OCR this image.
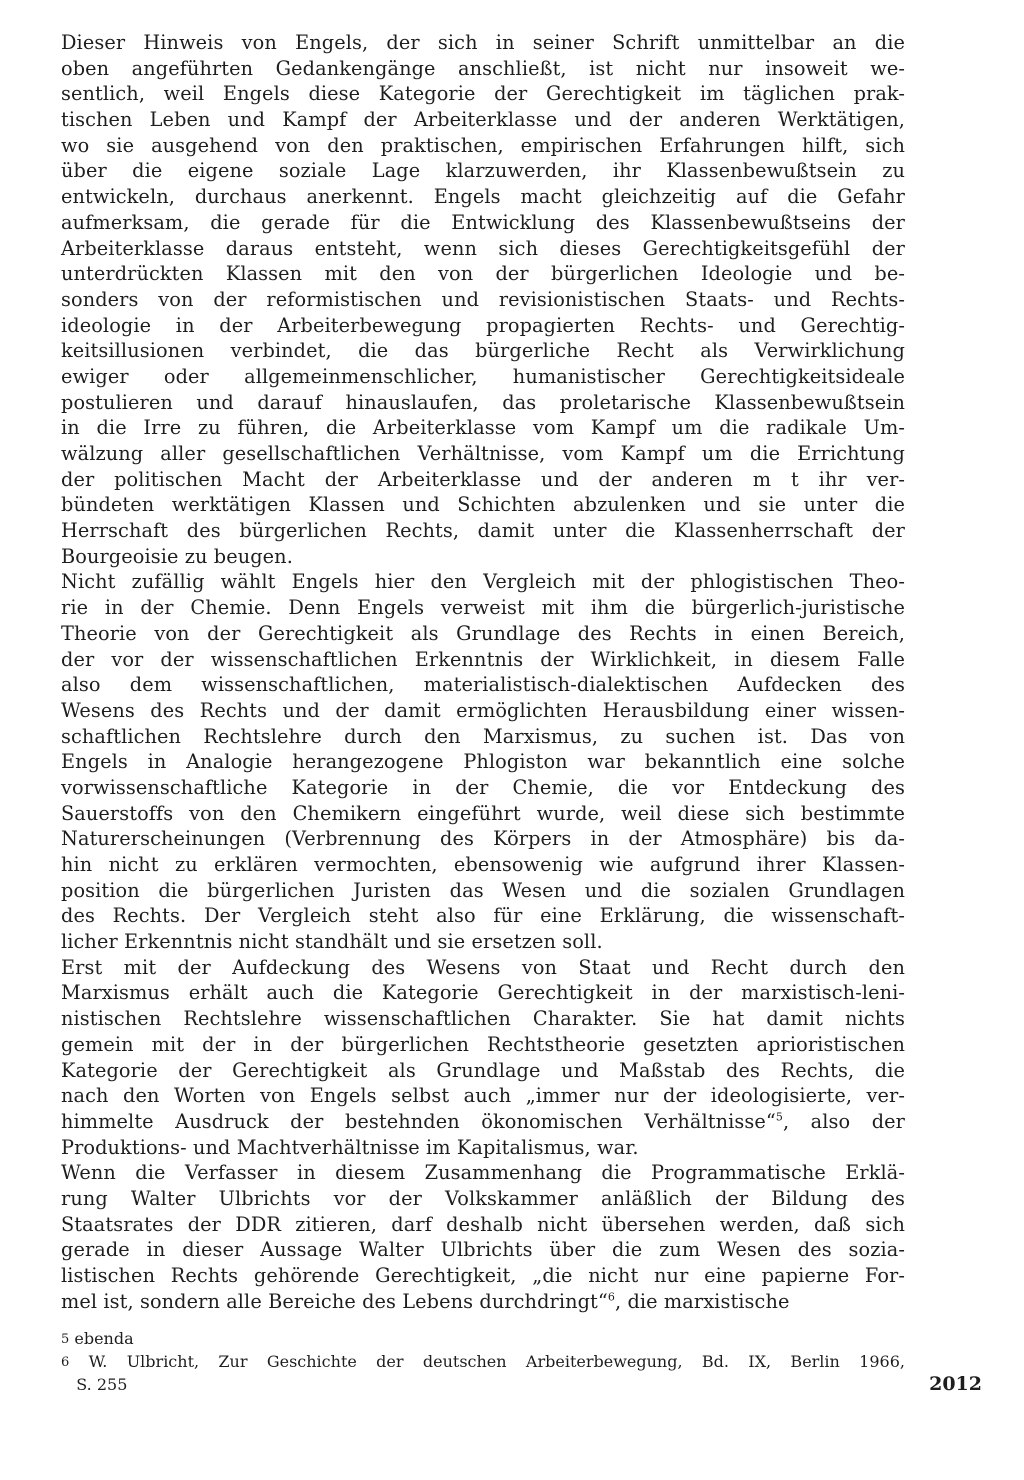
Dieser Hinweis von Engels, der sich in seiner Schrift unmittelbar an die
oben angeführten Gedankengänge anschließt, ist nicht nur insoweit we-
sentlich, weil Engels diese Kategorie der Gerechtigkeit im täglichen prak-
tischen Leben und Kampf der Arbeiterklasse und der anderen Werktätigen,
wo sie ausgehend von den praktischen, empirischen Erfahrungen hilft, sich
über die eigene soziale Lage klarzuwerden, ihr Klassenbewußtsein zu
entwickeln, durchaus anerkennt. Engels macht gleichzeitig auf die Gefahr
aufmerksam, die gerade für die Entwicklung des Klassenbewußtseins der
Arbeiterklasse daraus entsteht, wenn sich dieses Gerechtigkeitsgefühl der
unterdrückten Klassen mit den von der bürgerlichen Ideologie und be-
sonders von der reformistischen und revisionistischen Staats- und Rechts-
ideologie in der Arbeiterbewegung propagierten Rechts- und Gerechtig-
keitsillusionen verbindet, die das bürgerliche Recht als Verwirklichung
ewiger oder allgemeinmenschlicher, humanistischer Gerechtigkeitsideale
postulieren und darauf hinauslaufen, das proletarische Klassenbewußtsein
in die Irre zu führen, die Arbeiterklasse vom Kampf um die radikale Um-
wälzung aller gesellschaftlichen Verhältnisse, vom Kampf um die Errichtung
der politischen Macht der Arbeiterklasse und der anderen m t ihr ver-
bündeten werktätigen Klassen und Schichten abzulenken und sie unter die
Herrschaft des bürgerlichen Rechts, damit unter die Klassenherrschaft der
Bourgeoisie zu beugen.
Nicht zufällig wählt Engels hier den Vergleich mit der phlogistischen Theo-
rie in der Chemie. Denn Engels verweist mit ihm die bürgerlich-juristische
Theorie von der Gerechtigkeit als Grundlage des Rechts in einen Bereich,
der vor der wissenschaftlichen Erkenntnis der Wirklichkeit, in diesem Falle
also dem wissenschaftlichen, materialistisch-dialektischen Aufdecken des
Wesens des Rechts und der damit ermöglichten Herausbildung einer wissen-
schaftlichen Rechtslehre durch den Marxismus, zu suchen ist. Das von
Engels in Analogie herangezogene Phlogiston war bekanntlich eine solche
vorwissenschaftliche Kategorie in der Chemie, die vor Entdeckung des
Sauerstoffs von den Chemikern eingeführt wurde, weil diese sich bestimmte
Naturerscheinungen (Verbrennung des Körpers in der Atmosphäre) bis da-
hin nicht zu erklären vermochten, ebensowenig wie aufgrund ihrer Klassen-
position die bürgerlichen Juristen das Wesen und die sozialen Grundlagen
des Rechts. Der Vergleich steht also für eine Erklärung, die wissenschaft-
licher Erkenntnis nicht standhält und sie ersetzen soll.
Erst mit der Aufdeckung des Wesens von Staat und Recht durch den
Marxismus erhält auch die Kategorie Gerechtigkeit in der marxistisch-leni-
nistischen Rechtslehre wissenschaftlichen Charakter. Sie hat damit nichts
gemein mit der in der bürgerlichen Rechtstheorie gesetzten aprioristischen
Kategorie der Gerechtigkeit als Grundlage und Maßstab des Rechts, die
nach den Worten von Engels selbst auch „immer nur der ideologisierte, ver-
himmelte Ausdruck der bestehnden ökonomischen Verhältnisse“$^5$, also der
Produktions- und Machtverhältnisse im Kapitalismus, war.
Wenn die Verfasser in diesem Zusammenhang die Programmatische Erklä-
rung Walter Ulbrichts vor der Volkskammer anläßlich der Bildung des
Staatsrates der DDR zitieren, darf deshalb nicht übersehen werden, daß sich
gerade in dieser Aussage Walter Ulbrichts über die zum Wesen des sozia-
listischen Rechts gehörende Gerechtigkeit, „die nicht nur eine papierne For-
mel ist, sondern alle Bereiche des Lebens durchdringt“$^6$, die marxistische
5 ebenda
6 W. Ulbricht, Zur Geschichte der deutschen Arbeiterbewegung, Bd. IX, Berlin 1966,
S. 255	2012
